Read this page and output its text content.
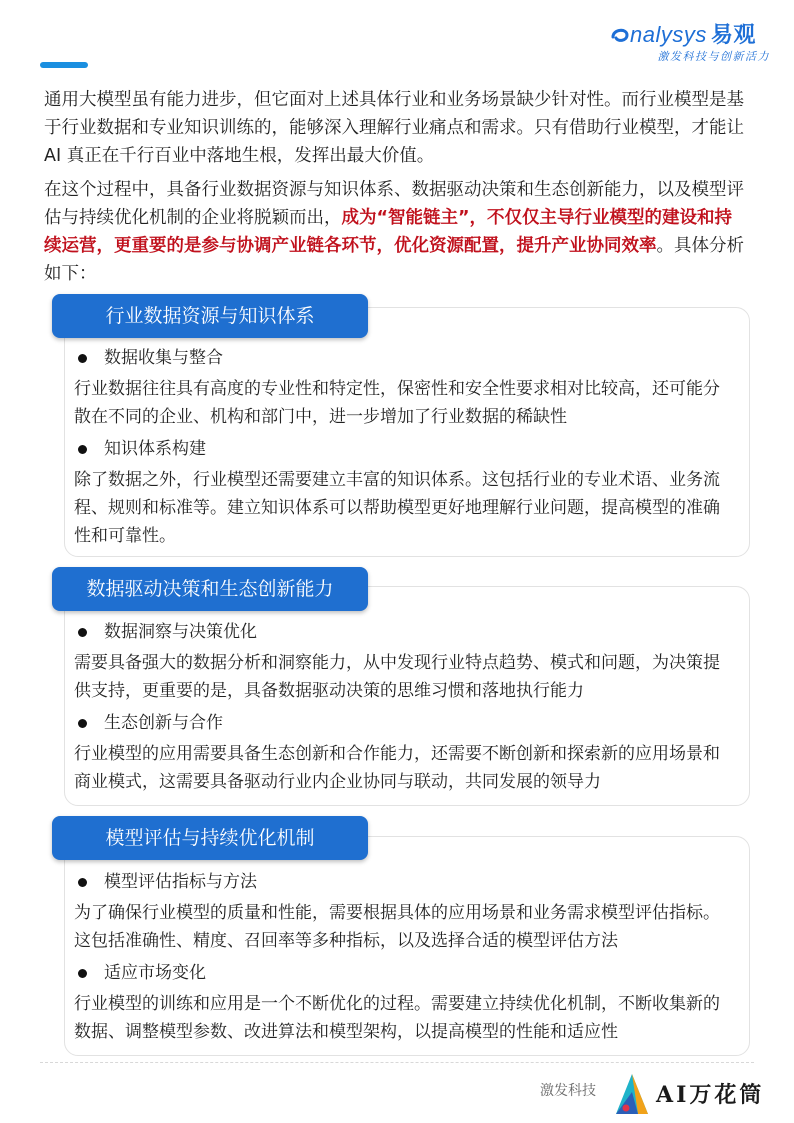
nalysys 易观
激发科技与创新活力

通用大模型虽有能力进步，但它面对上述具体行业和业务场景缺少针对性。而行业模型是基于行业数据和专业知识训练的，能够深入理解行业痛点和需求。只有借助行业模型，才能让 AI 真正在千行百业中落地生根，发挥出最大价值。

在这个过程中，具备行业数据资源与知识体系、数据驱动决策和生态创新能力，以及模型评估与持续优化机制的企业将脱颖而出，成为“智能链主”，不仅仅主导行业模型的建设和持续运营，更重要的是参与协调产业链各环节，优化资源配置，提升产业协同效率。具体分析如下：

行业数据资源与知识体系

数据收集与整合

行业数据往往具有高度的专业性和特定性，保密性和安全性要求相对比较高，还可能分散在不同的企业、机构和部门中，进一步增加了行业数据的稀缺性

知识体系构建

除了数据之外，行业模型还需要建立丰富的知识体系。这包括行业的专业术语、业务流程、规则和标准等。建立知识体系可以帮助模型更好地理解行业问题，提高模型的准确性和可靠性。

数据驱动决策和生态创新能力

数据洞察与决策优化

需要具备强大的数据分析和洞察能力，从中发现行业特点趋势、模式和问题，为决策提供支持，更重要的是，具备数据驱动决策的思维习惯和落地执行能力

生态创新与合作

行业模型的应用需要具备生态创新和合作能力，还需要不断创新和探索新的应用场景和商业模式，这需要具备驱动行业内企业协同与联动，共同发展的领导力

模型评估与持续优化机制

模型评估指标与方法

为了确保行业模型的质量和性能，需要根据具体的应用场景和业务需求模型评估指标。这包括准确性、精度、召回率等多种指标，以及选择合适的模型评估方法

适应市场变化

行业模型的训练和应用是一个不断优化的过程。需要建立持续优化机制，不断收集新的数据、调整模型参数、改进算法和模型架构，以提高模型的性能和适应性

激发科技	AI万花筒
